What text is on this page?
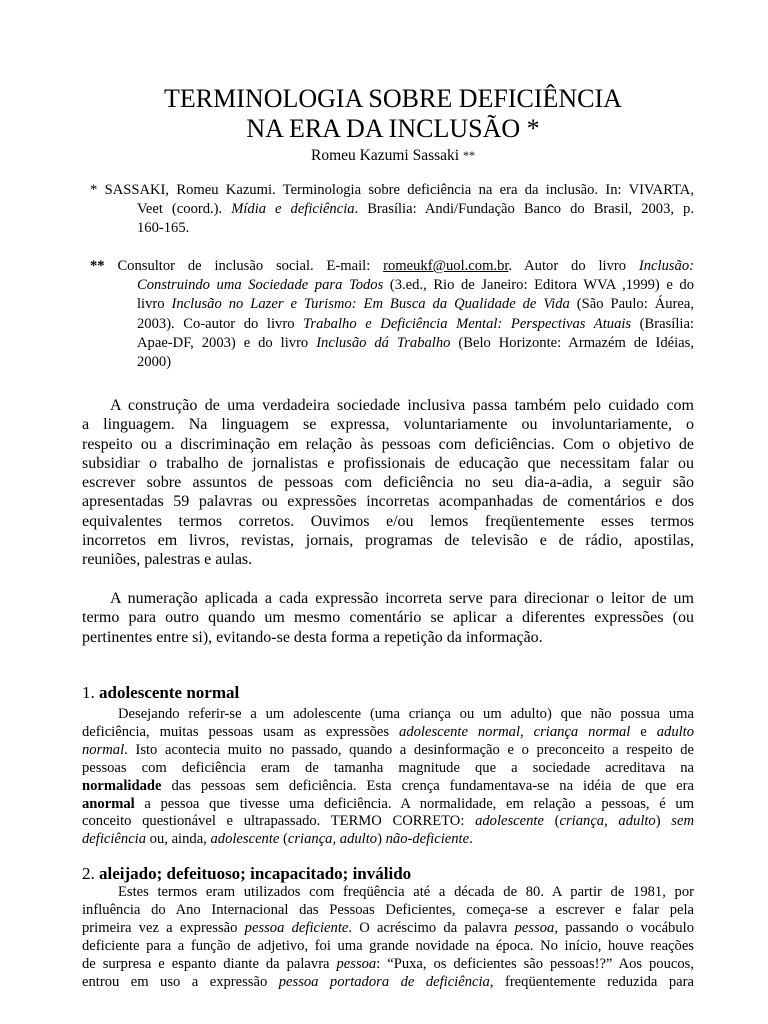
TERMINOLOGIA SOBRE DEFICIÊNCIA
NA ERA DA INCLUSÃO *
Romeu Kazumi Sassaki **
* SASSAKI, Romeu Kazumi. Terminologia sobre deficiência na era da inclusão. In: VIVARTA,
Veet (coord.). Mídia e deficiência. Brasília: Andi/Fundação Banco do Brasil, 2003, p.
160-165.
** Consultor de inclusão social. E-mail: romeukf@uol.com.br. Autor do livro Inclusão:
Construindo uma Sociedade para Todos (3.ed., Rio de Janeiro: Editora WVA ,1999) e do
livro Inclusão no Lazer e Turismo: Em Busca da Qualidade de Vida (São Paulo: Áurea,
2003). Co-autor do livro Trabalho e Deficiência Mental: Perspectivas Atuais (Brasília:
Apae-DF, 2003) e do livro Inclusão dá Trabalho (Belo Horizonte: Armazém de Idéias,
2000)
A construção de uma verdadeira sociedade inclusiva passa também pelo cuidado com
a linguagem. Na linguagem se expressa, voluntariamente ou involuntariamente, o
respeito ou a discriminação em relação às pessoas com deficiências. Com o objetivo de
subsidiar o trabalho de jornalistas e profissionais de educação que necessitam falar ou
escrever sobre assuntos de pessoas com deficiência no seu dia-a-adia, a seguir são
apresentadas 59 palavras ou expressões incorretas acompanhadas de comentários e dos
equivalentes termos corretos. Ouvimos e/ou lemos freqüentemente esses termos
incorretos em livros, revistas, jornais, programas de televisão e de rádio, apostilas,
reuniões, palestras e aulas.
A numeração aplicada a cada expressão incorreta serve para direcionar o leitor de um
termo para outro quando um mesmo comentário se aplicar a diferentes expressões (ou
pertinentes entre si), evitando-se desta forma a repetição da informação.
1. adolescente normal
Desejando referir-se a um adolescente (uma criança ou um adulto) que não possua uma
deficiência, muitas pessoas usam as expressões adolescente normal, criança normal e adulto
normal. Isto acontecia muito no passado, quando a desinformação e o preconceito a respeito de
pessoas com deficiência eram de tamanha magnitude que a sociedade acreditava na
normalidade das pessoas sem deficiência. Esta crença fundamentava-se na idéia de que era
anormal a pessoa que tivesse uma deficiência. A normalidade, em relação a pessoas, é um
conceito questionável e ultrapassado. TERMO CORRETO: adolescente (criança, adulto) sem
deficiência ou, ainda, adolescente (criança, adulto) não-deficiente.
2. aleijado; defeituoso; incapacitado; inválido
Estes termos eram utilizados com freqüência até a década de 80. A partir de 1981, por
influência do Ano Internacional das Pessoas Deficientes, começa-se a escrever e falar pela
primeira vez a expressão pessoa deficiente. O acréscimo da palavra pessoa, passando o vocábulo
deficiente para a função de adjetivo, foi uma grande novidade na época. No início, houve reações
de surpresa e espanto diante da palavra pessoa: “Puxa, os deficientes são pessoas!?” Aos poucos,
entrou em uso a expressão pessoa portadora de deficiência, freqüentemente reduzida para
